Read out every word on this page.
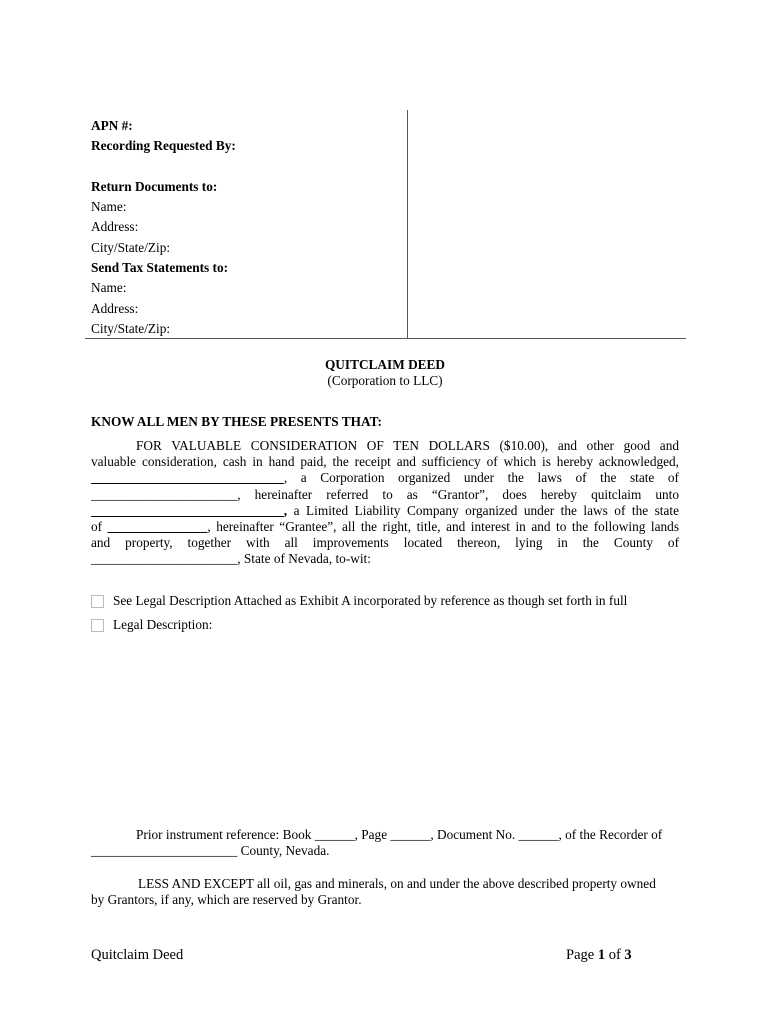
APN #:
Recording Requested By:
Return Documents to:
Name:
Address:
City/State/Zip:
Send Tax Statements to:
Name:
Address:
City/State/Zip:
QUITCLAIM DEED
(Corporation to LLC)
KNOW ALL MEN BY THESE PRESENTS THAT:
FOR VALUABLE CONSIDERATION OF TEN DOLLARS ($10.00), and other good and
valuable consideration, cash in hand paid, the receipt and sufficiency of which is hereby acknowledged,
_____________________________, a Corporation organized under the laws of the state of
______________________, hereinafter referred to as “Grantor”, does hereby quitclaim unto
_____________________________, a Limited Liability Company organized under the laws of the state
of _______________, hereinafter “Grantee”, all the right, title, and interest in and to the following lands
and property, together with all improvements located thereon, lying in the County of
______________________, State of Nevada, to-wit:
See Legal Description Attached as Exhibit A incorporated by reference as though set forth in full
Legal Description:
Prior instrument reference: Book ______, Page ______, Document No. ______, of the Recorder of
______________________ County, Nevada.
LESS AND EXCEPT all oil, gas and minerals, on and under the above described property owned
by Grantors, if any, which are reserved by Grantor.
Quitclaim Deed	Page 1 of 3
